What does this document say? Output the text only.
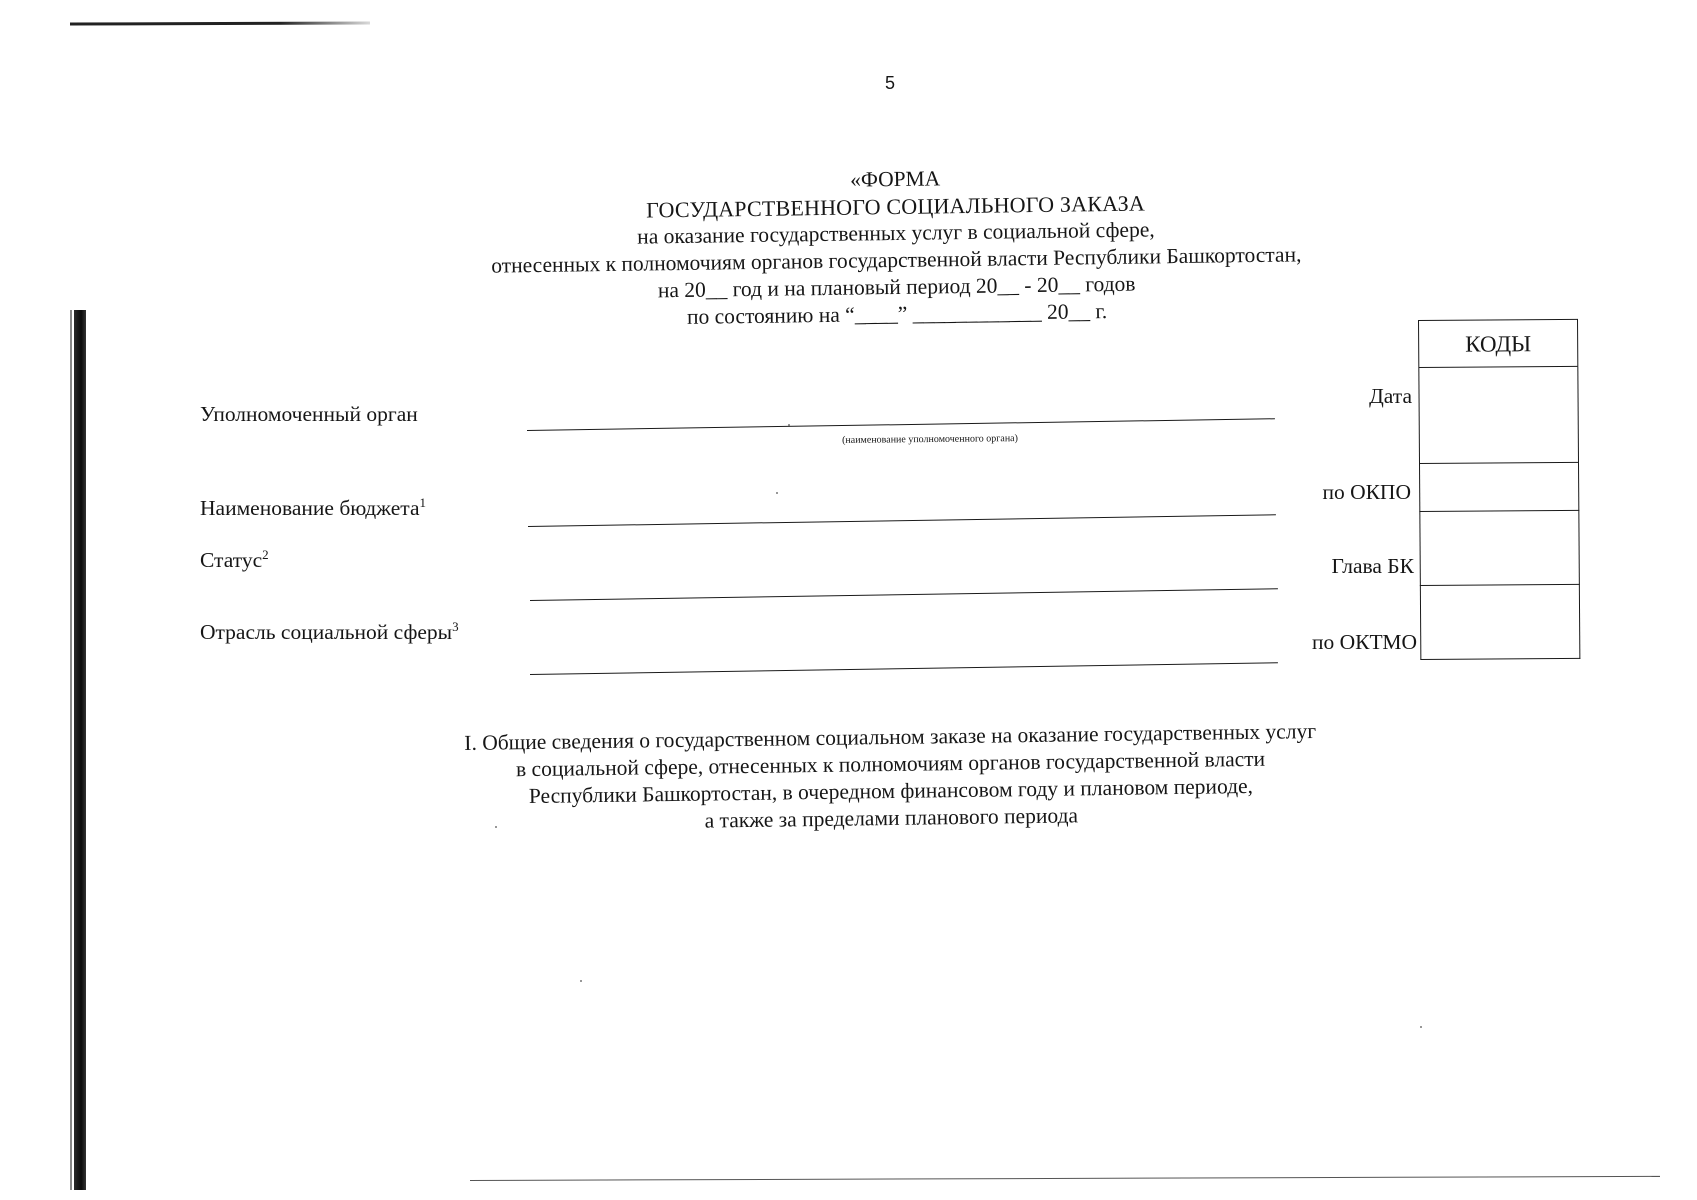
5
«ФОРМА
ГОСУДАРСТВЕННОГО СОЦИАЛЬНОГО ЗАКАЗА
на оказание государственных услуг в социальной сфере,
отнесенных к полномочиям органов государственной власти Республики Башкортостан,
на 20__ год и на плановый период 20__ - 20__ годов
по состоянию на “____” ____________ 20__ г.
Уполномоченный орган
(наименование уполномоченного органа)
Наименование бюджета$^1$
Статус$^2$
Отрасль социальной сферы$^3$
КОДЫ
Дата
по ОКПО
Глава БК
по ОКТМО
I. Общие сведения о государственном социальном заказе на оказание государственных услуг
в социальной сфере, отнесенных к полномочиям органов государственной власти
Республики Башкортостан, в очередном финансовом году и плановом периоде,
а также за пределами планового периода
